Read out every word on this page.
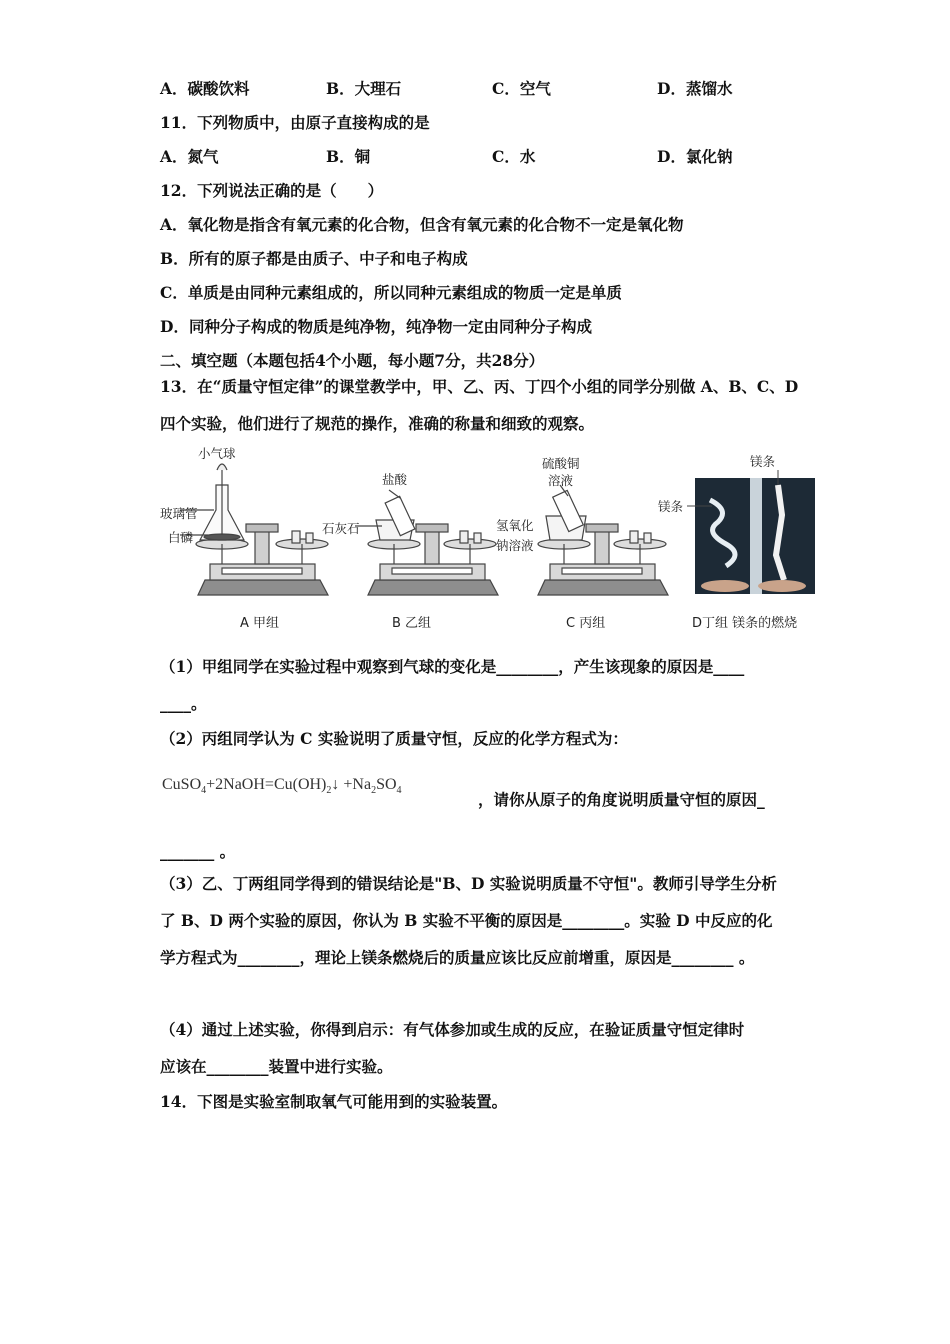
A．碳酸饮料	B．大理石	C．空气	D．蒸馏水
11．下列物质中，由原子直接构成的是
A．氮气	B．铜	C．水	D．氯化钠
12．下列说法正确的是（　　）
A．氧化物是指含有氧元素的化合物，但含有氧元素的化合物不一定是氧化物
B．所有的原子都是由质子、中子和电子构成
C．单质是由同种元素组成的，所以同种元素组成的物质一定是单质
D．同种分子构成的物质是纯净物，纯净物一定由同种分子构成
二、填空题（本题包括4个小题，每小题7分，共28分）
13．在“质量守恒定律”的课堂教学中，甲、乙、丙、丁四个小组的同学分别做 A、B、C、D
四个实验，他们进行了规范的操作，准确的称量和细致的观察。
小气球
玻璃管
白磷
盐酸
石灰石
硫酸铜
溶液
氢氧化
钠溶液
镁条
镁条
A 甲组	B 乙组	C 丙组	D丁组 镁条的燃烧
（1）甲组同学在实验过程中观察到气球的变化是________，产生该现象的原因是____
____。
（2）丙组同学认为 C 实验说明了质量守恒，反应的化学方程式为：
$CuSO_4+2NaOH=Cu(OH)_2↓ +Na_2SO_4$	，请你从原子的角度说明质量守恒的原因_
_______ 。
（3）乙、丁两组同学得到的错误结论是"B、D 实验说明质量不守恒"。教师引导学生分析
了 B、D 两个实验的原因，你认为 B 实验不平衡的原因是________。实验 D 中反应的化
学方程式为________，理论上镁条燃烧后的质量应该比反应前增重，原因是________ 。
（4）通过上述实验，你得到启示：有气体参加或生成的反应，在验证质量守恒定律时
应该在________装置中进行实验。
14．下图是实验室制取氧气可能用到的实验装置。
